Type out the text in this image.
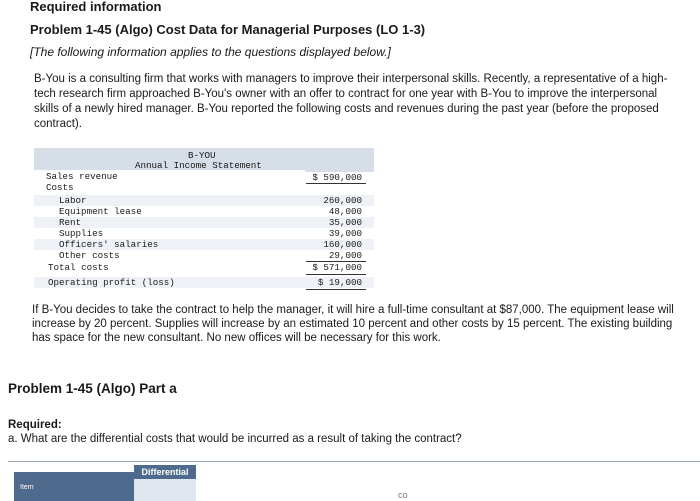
Required information
Problem 1-45 (Algo) Cost Data for Managerial Purposes (LO 1-3)
[The following information applies to the questions displayed below.]
B-You is a consulting firm that works with managers to improve their interpersonal skills. Recently, a representative of a high-tech research firm approached B-You's owner with an offer to contract for one year with B-You to improve the interpersonal skills of a newly hired manager. B-You reported the following costs and revenues during the past year (before the proposed contract).
B-YOU
Annual Income Statement
Sales revenue	$ 590,000
Costs
Labor	260,000
Equipment lease	48,000
Rent	35,000
Supplies	39,000
Officers' salaries	160,000
Other costs	29,000
Total costs	$ 571,000
Operating profit (loss)	$ 19,000
If B-You decides to take the contract to help the manager, it will hire a full-time consultant at $87,000. The equipment lease will increase by 20 percent. Supplies will increase by an estimated 10 percent and other costs by 15 percent. The existing building has space for the new consultant. No new offices will be necessary for this work.
Problem 1-45 (Algo) Part a
Required:
a. What are the differential costs that would be incurred as a result of taking the contract?
Item
Differential
co
